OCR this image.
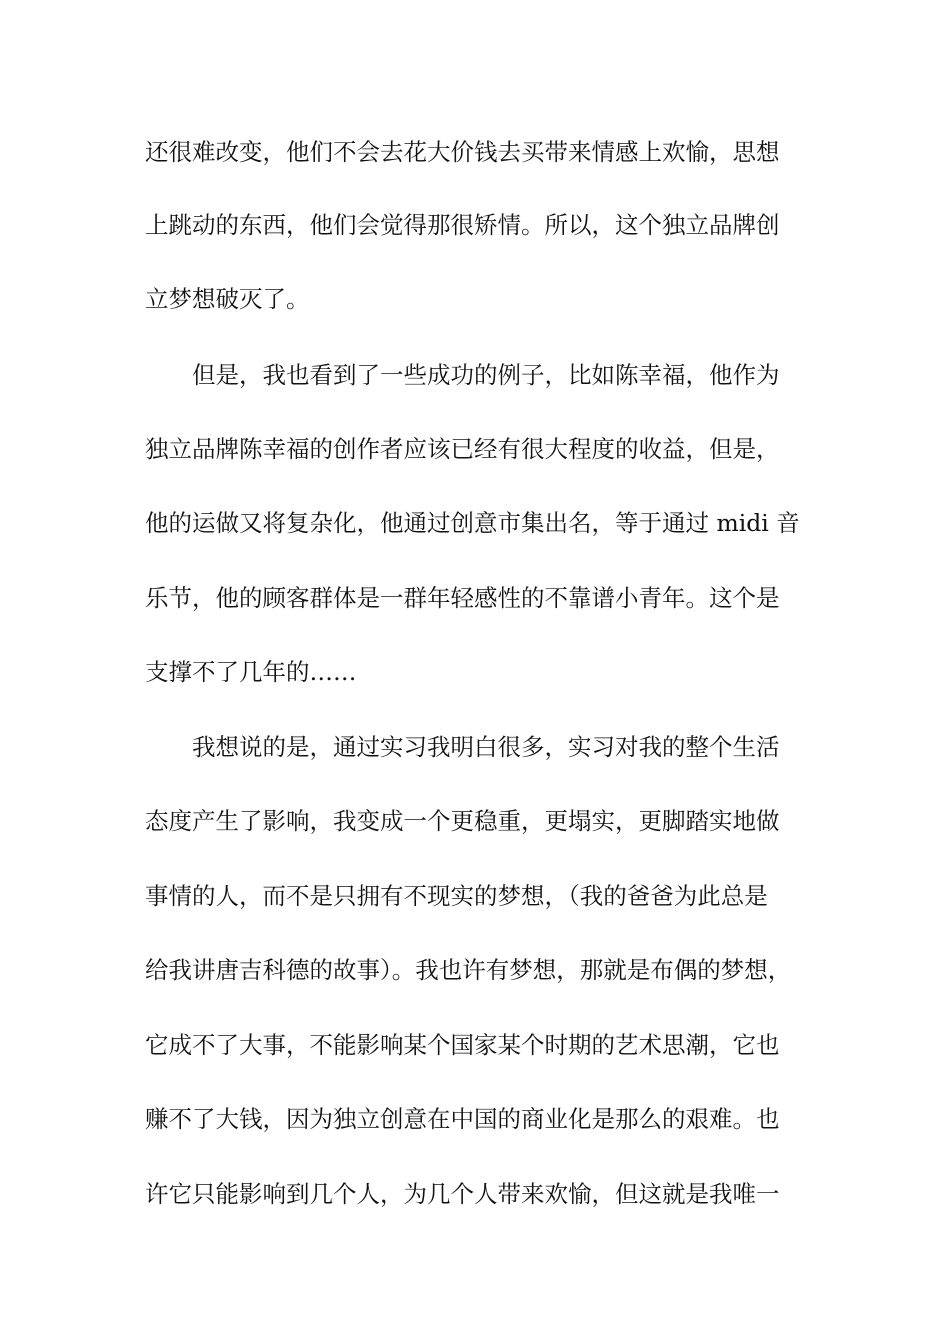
还很难改变，他们不会去花大价钱去买带来情感上欢愉，思想
上跳动的东西，他们会觉得那很矫情。所以，这个独立品牌创
立梦想破灭了。
但是，我也看到了一些成功的例子，比如陈幸福，他作为
独立品牌陈幸福的创作者应该已经有很大程度的收益，但是，
他的运做又将复杂化，他通过创意市集出名，等于通过 midi 音
乐节，他的顾客群体是一群年轻感性的不靠谱小青年。这个是
支撑不了几年的……
我想说的是，通过实习我明白很多，实习对我的整个生活
态度产生了影响，我变成一个更稳重，更塌实，更脚踏实地做
事情的人，而不是只拥有不现实的梦想，（我的爸爸为此总是
给我讲唐吉科德的故事）。我也许有梦想，那就是布偶的梦想，
它成不了大事，不能影响某个国家某个时期的艺术思潮，它也
赚不了大钱，因为独立创意在中国的商业化是那么的艰难。也
许它只能影响到几个人，为几个人带来欢愉，但这就是我唯一
